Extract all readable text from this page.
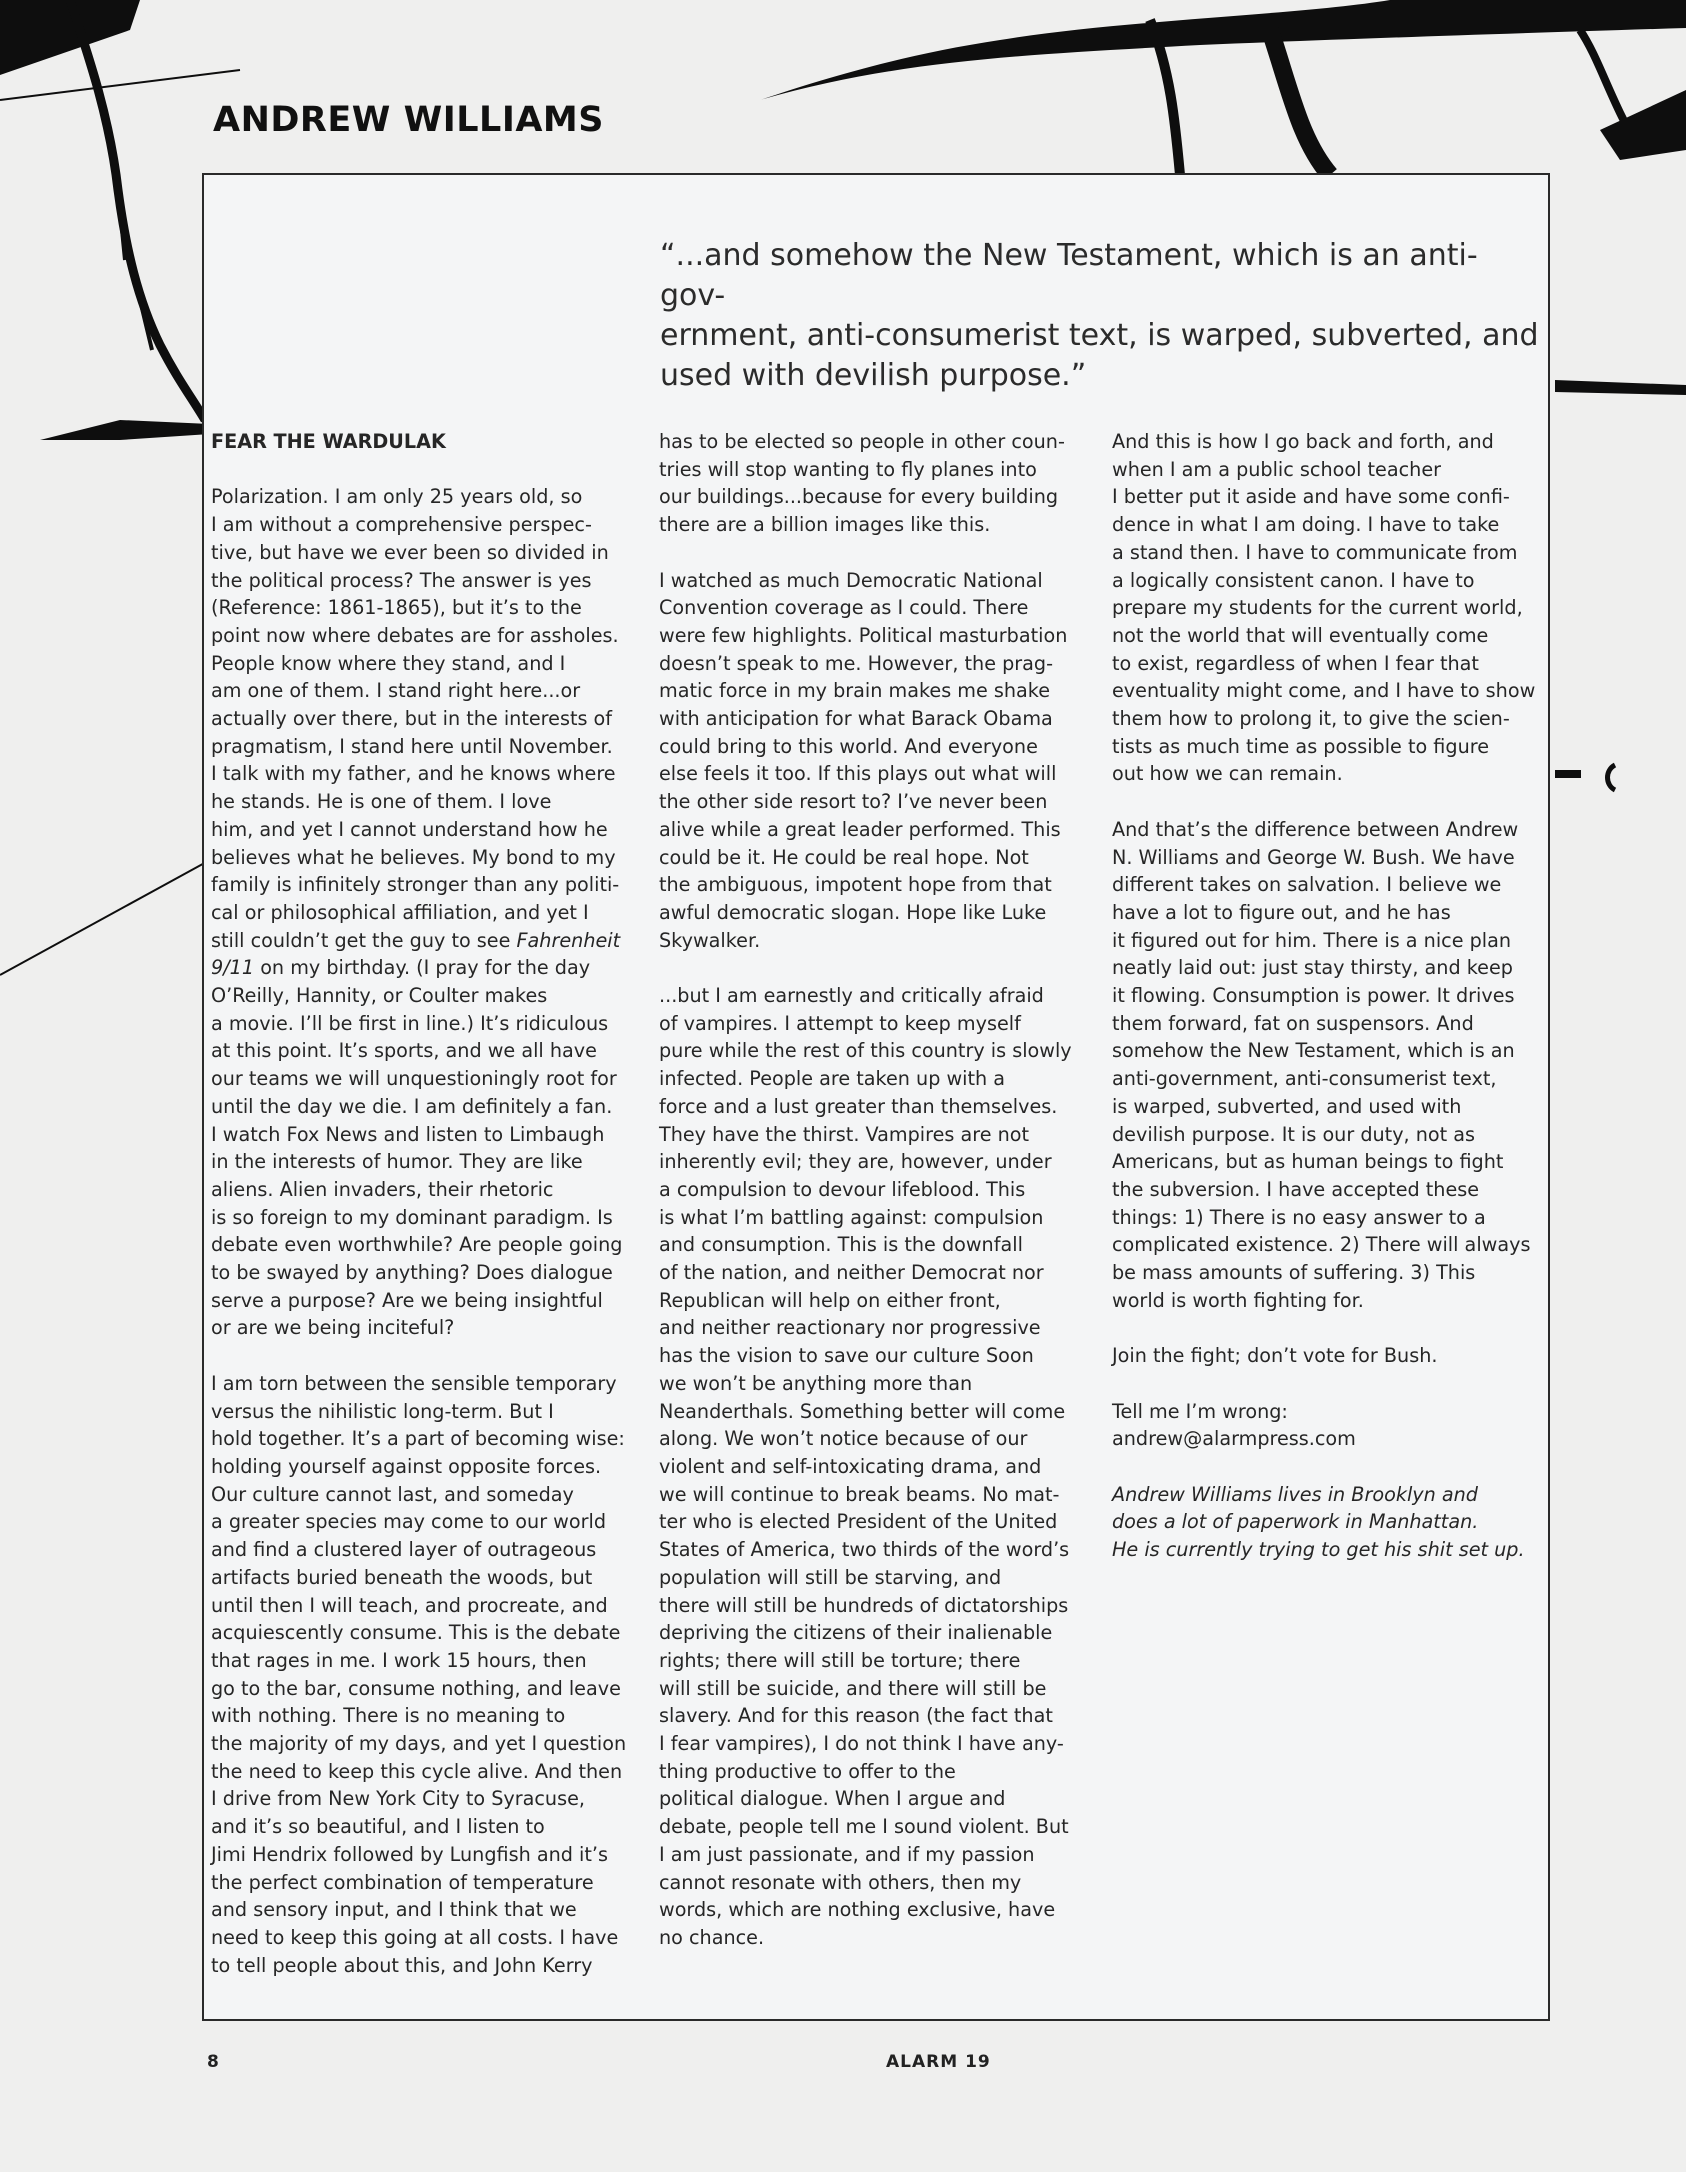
ANDREW WILLIAMS
“...and somehow the New Testament, which is an anti-gov-
ernment, anti-consumerist text, is warped, subverted, and
used with devilish purpose.”
FEAR THE WARDULAK
Polarization. I am only 25 years old, so
I am without a comprehensive perspec-
tive, but have we ever been so divided in
the political process? The answer is yes
(Reference: 1861-1865), but it’s to the
point now where debates are for assholes.
People know where they stand, and I
am one of them. I stand right here...or
actually over there, but in the interests of
pragmatism, I stand here until November.
I talk with my father, and he knows where
he stands. He is one of them. I love
him, and yet I cannot understand how he
believes what he believes. My bond to my
family is infinitely stronger than any politi-
cal or philosophical affiliation, and yet I
still couldn’t get the guy to see Fahrenheit
9/11 on my birthday. (I pray for the day
O’Reilly, Hannity, or Coulter makes
a movie. I’ll be first in line.) It’s ridiculous
at this point. It’s sports, and we all have
our teams we will unquestioningly root for
until the day we die. I am definitely a fan.
I watch Fox News and listen to Limbaugh
in the interests of humor. They are like
aliens. Alien invaders, their rhetoric
is so foreign to my dominant paradigm. Is
debate even worthwhile? Are people going
to be swayed by anything? Does dialogue
serve a purpose? Are we being insightful
or are we being inciteful?
I am torn between the sensible temporary
versus the nihilistic long-term. But I
hold together. It’s a part of becoming wise:
holding yourself against opposite forces.
Our culture cannot last, and someday
a greater species may come to our world
and find a clustered layer of outrageous
artifacts buried beneath the woods, but
until then I will teach, and procreate, and
acquiescently consume. This is the debate
that rages in me. I work 15 hours, then
go to the bar, consume nothing, and leave
with nothing. There is no meaning to
the majority of my days, and yet I question
the need to keep this cycle alive. And then
I drive from New York City to Syracuse,
and it’s so beautiful, and I listen to
Jimi Hendrix followed by Lungfish and it’s
the perfect combination of temperature
and sensory input, and I think that we
need to keep this going at all costs. I have
to tell people about this, and John Kerry
has to be elected so people in other coun-
tries will stop wanting to fly planes into
our buildings...because for every building
there are a billion images like this.
I watched as much Democratic National
Convention coverage as I could. There
were few highlights. Political masturbation
doesn’t speak to me. However, the prag-
matic force in my brain makes me shake
with anticipation for what Barack Obama
could bring to this world. And everyone
else feels it too. If this plays out what will
the other side resort to? I’ve never been
alive while a great leader performed. This
could be it. He could be real hope. Not
the ambiguous, impotent hope from that
awful democratic slogan. Hope like Luke
Skywalker.
...but I am earnestly and critically afraid
of vampires. I attempt to keep myself
pure while the rest of this country is slowly
infected. People are taken up with a
force and a lust greater than themselves.
They have the thirst. Vampires are not
inherently evil; they are, however, under
a compulsion to devour lifeblood. This
is what I’m battling against: compulsion
and consumption. This is the downfall
of the nation, and neither Democrat nor
Republican will help on either front,
and neither reactionary nor progressive
has the vision to save our culture Soon
we won’t be anything more than
Neanderthals. Something better will come
along. We won’t notice because of our
violent and self-intoxicating drama, and
we will continue to break beams. No mat-
ter who is elected President of the United
States of America, two thirds of the word’s
population will still be starving, and
there will still be hundreds of dictatorships
depriving the citizens of their inalienable
rights; there will still be torture; there
will still be suicide, and there will still be
slavery. And for this reason (the fact that
I fear vampires), I do not think I have any-
thing productive to offer to the
political dialogue. When I argue and
debate, people tell me I sound violent. But
I am just passionate, and if my passion
cannot resonate with others, then my
words, which are nothing exclusive, have
no chance.
And this is how I go back and forth, and
when I am a public school teacher
I better put it aside and have some confi-
dence in what I am doing. I have to take
a stand then. I have to communicate from
a logically consistent canon. I have to
prepare my students for the current world,
not the world that will eventually come
to exist, regardless of when I fear that
eventuality might come, and I have to show
them how to prolong it, to give the scien-
tists as much time as possible to figure
out how we can remain.
And that’s the difference between Andrew
N. Williams and George W. Bush. We have
different takes on salvation. I believe we
have a lot to figure out, and he has
it figured out for him. There is a nice plan
neatly laid out: just stay thirsty, and keep
it flowing. Consumption is power. It drives
them forward, fat on suspensors. And
somehow the New Testament, which is an
anti-government, anti-consumerist text,
is warped, subverted, and used with
devilish purpose. It is our duty, not as
Americans, but as human beings to fight
the subversion. I have accepted these
things: 1) There is no easy answer to a
complicated existence. 2) There will always
be mass amounts of suffering. 3) This
world is worth fighting for.
Join the fight; don’t vote for Bush.
Tell me I’m wrong:
andrew@alarmpress.com
Andrew Williams lives in Brooklyn and
does a lot of paperwork in Manhattan.
He is currently trying to get his shit set up.
8	ALARM 19
